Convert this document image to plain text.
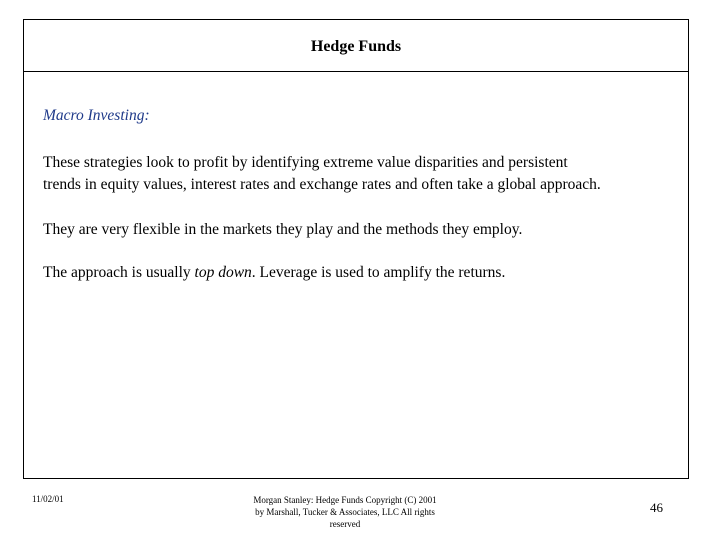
Hedge Funds
Macro Investing:
These strategies look to profit by identifying extreme value disparities and persistent
trends in equity values, interest rates and exchange rates and often take a global approach.
They are very flexible in the markets they play and the methods they employ.
The approach is usually top down. Leverage is used to amplify the returns.
11/02/01	Morgan Stanley: Hedge Funds Copyright (C) 2001
by Marshall, Tucker & Associates, LLC All rights
reserved
46
